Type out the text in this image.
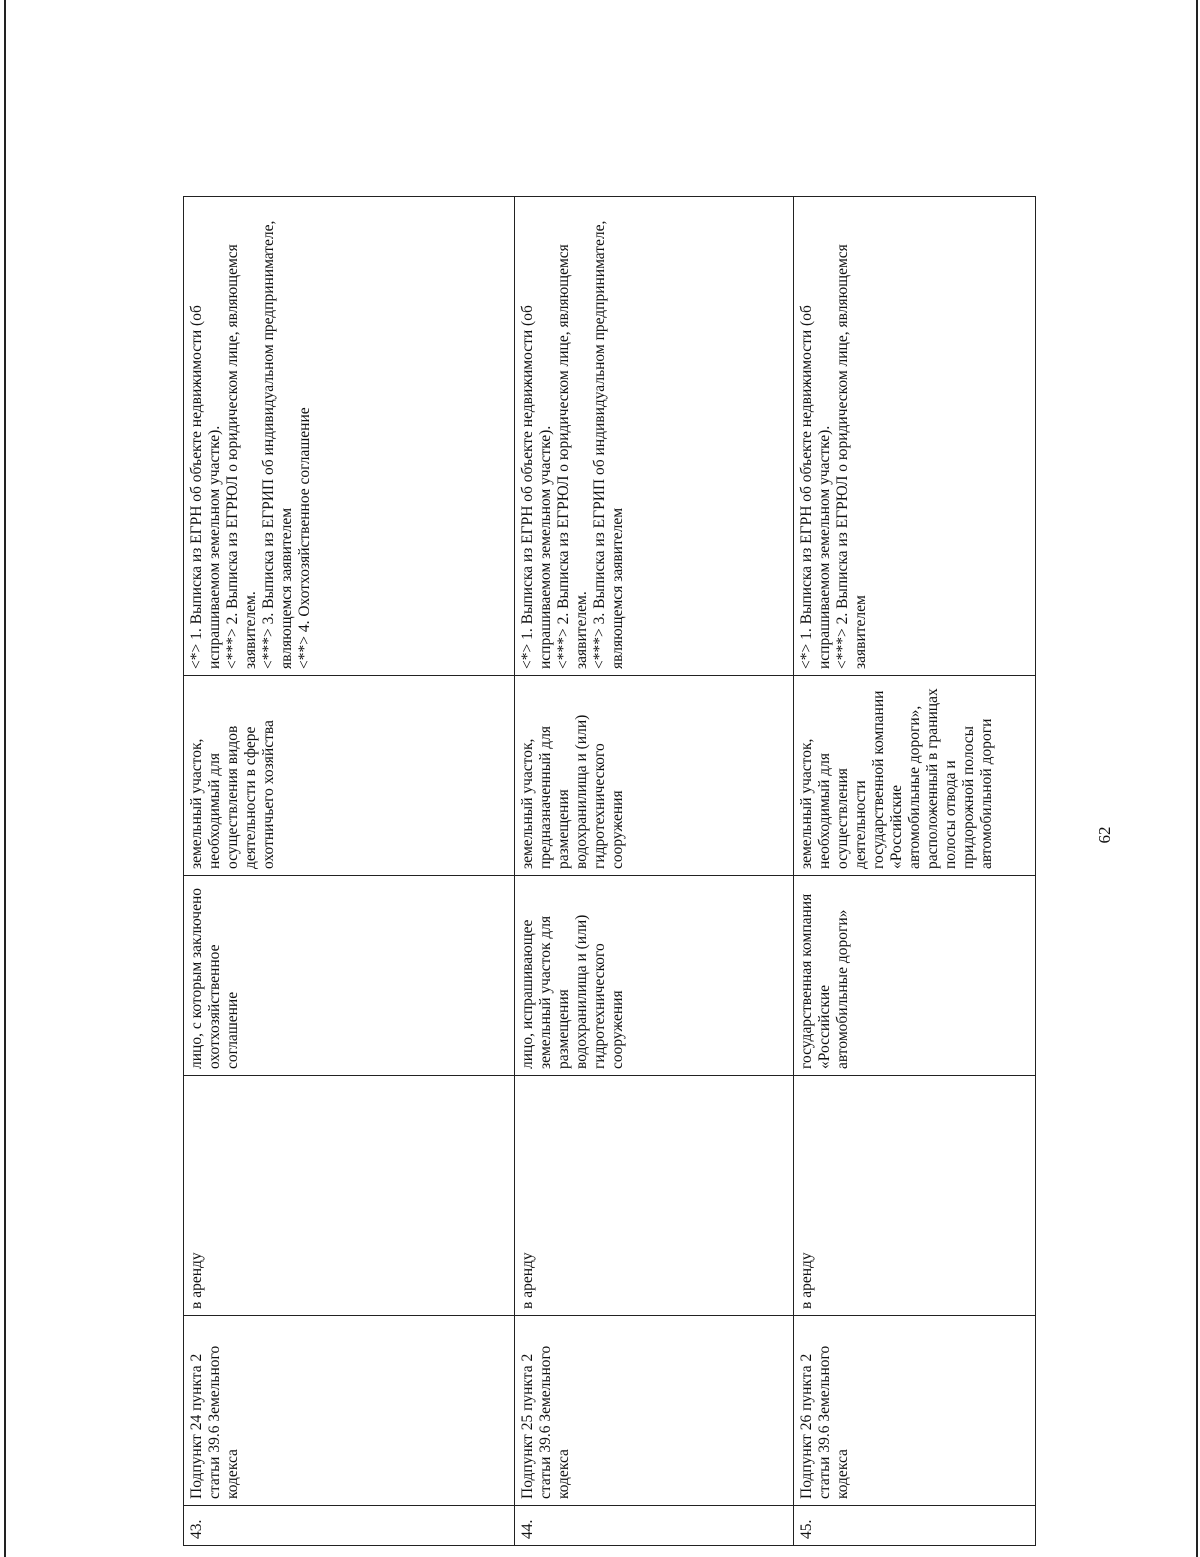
62
43.	Подпункт 24 пункта 2 статьи 39.6 Земельного кодекса	в аренду	лицо, с которым заключено охотхозяйственное соглашение	земельный участок, необходимый для осуществления видов деятельности в сфере охотничьего хозяйства	<*> 1. Выписка из ЕГРН об объекте недвижимости (об испрашиваемом земельном участке). <***> 2. Выписка из ЕГРЮЛ о юридическом лице, являющемся заявителем. <***> 3. Выписка из ЕГРИП об индивидуальном предпринимателе, являющемся заявителем <**> 4. Охотхозяйственное соглашение

44.	Подпункт 25 пункта 2 статьи 39.6 Земельного кодекса	в аренду	лицо, испрашивающее земельный участок для размещения водохранилища и (или) гидротехнического сооружения	земельный участок, предназначенный для размещения водохранилища и (или) гидротехнического сооружения	<*> 1. Выписка из ЕГРН об объекте недвижимости (об испрашиваемом земельном участке). <***> 2. Выписка из ЕГРЮЛ о юридическом лице, являющемся заявителем. <***> 3. Выписка из ЕГРИП об индивидуальном предпринимателе, являющемся заявителем

45.	Подпункт 26 пункта 2 статьи 39.6 Земельного кодекса	в аренду	государственная компания «Российские автомобильные дороги»	земельный участок, необходимый для осуществления деятельности государственной компании «Российские автомобильные дороги», расположенный в границах полосы отвода и придорожной полосы автомобильной дороги	<*> 1. Выписка из ЕГРН об объекте недвижимости (об испрашиваемом земельном участке). <***> 2. Выписка из ЕГРЮЛ о юридическом лице, являющемся заявителем
